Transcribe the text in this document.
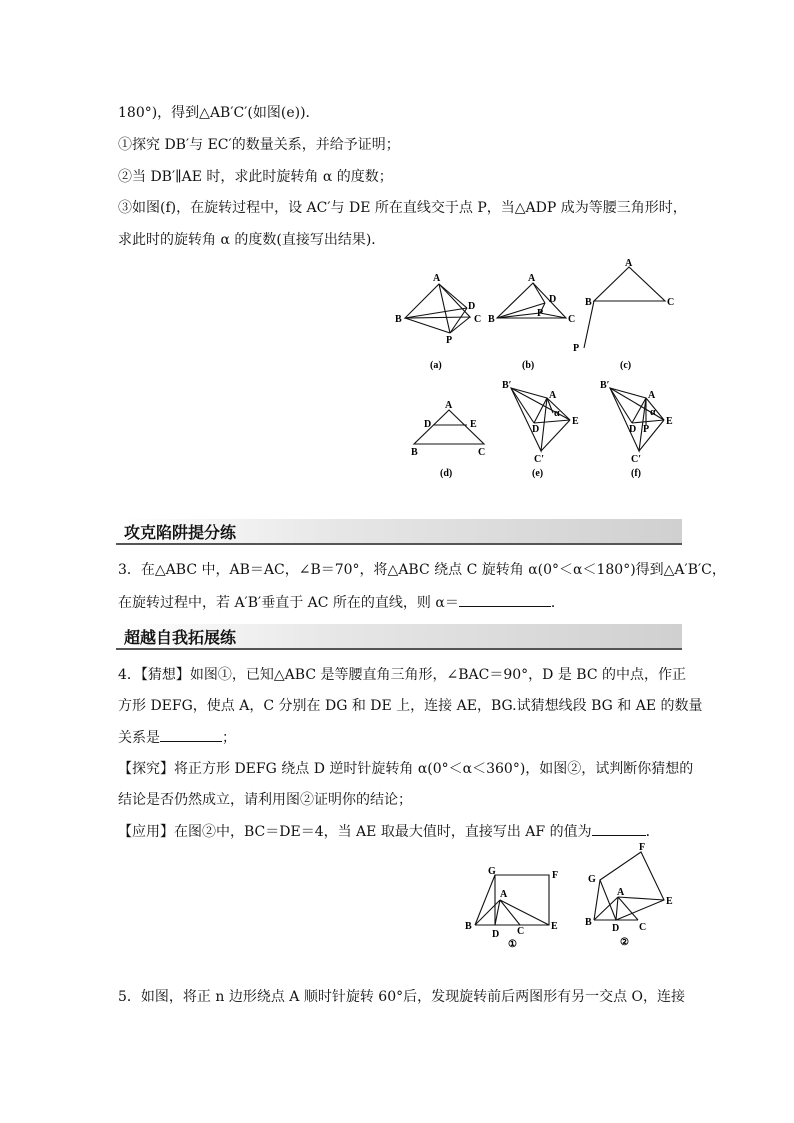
180°)，得到△AB′C′(如图(e))．
①探究 DB′与 EC′的数量关系，并给予证明；
②当 DB′∥AE 时，求此时旋转角 α 的度数；
③如图(f)，在旋转过程中，设 AC′与 DE 所在直线交于点 P，当△ADP 成为等腰三角形时，
求此时的旋转角 α 的度数(直接写出结果)．
A
B	C
D
P
(a)
A
B	C
D
P
(b)
A
B	C
P
(c)
A
D	E
B	C
(d)
B′
A
α
D
E
C′
(e)
B′
A
α
D P
E
C′
(f)
攻克陷阱提分练
3．在△ABC 中，AB＝AC，∠B＝70°，将△ABC 绕点 C 旋转角 α(0°＜α＜180°)得到△A′B′C，
在旋转过程中，若 A′B′垂直于 AC 所在的直线，则 α＝	．
超越自我拓展练
4．【猜想】如图①，已知△ABC 是等腰直角三角形，∠BAC＝90°，D 是 BC 的中点，作正
方形 DEFG，使点 A，C 分别在 DG 和 DE 上，连接 AE，BG.试猜想线段 BG 和 AE 的数量
关系是	；
【探究】将正方形 DEFG 绕点 D 逆时针旋转角 α(0°＜α＜360°)，如图②，试判断你猜想的
结论是否仍然成立，请利用图②证明你的结论；
【应用】在图②中，BC＝DE＝4，当 AE 取最大值时，直接写出 AF 的值为	．
G	F
A
B
D C	E
①
G
F
A
B
D C
E
②
5．如图，将正 n 边形绕点 A 顺时针旋转 60°后，发现旋转前后两图形有另一交点 O，连接
